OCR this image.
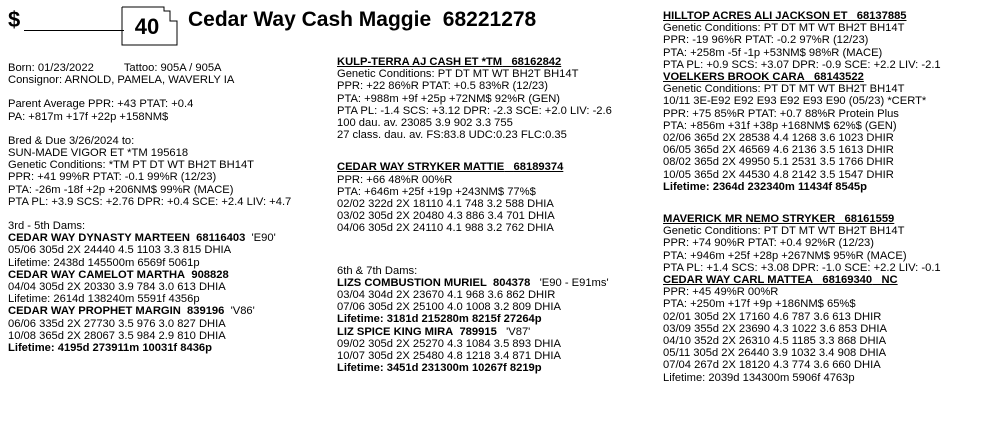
$	40	Cedar Way Cash Maggie 68221278
Born: 01/23/2022	Tattoo: 905A / 905A
Consignor: ARNOLD, PAMELA, WAVERLY IA
Parent Average PPR: +43 PTAT: +0.4
PA: +817m +17f +22p +158NM$
Bred & Due 3/26/2024 to:
SUN-MADE VIGOR ET *TM 195618
Genetic Conditions: *TM PT DT WT BH2T BH14T
PPR: +41 99%R PTAT: -0.1 99%R (12/23)
PTA: -26m -18f +2p +206NM$ 99%R (MACE)
PTA PL: +3.9 SCS: +2.76 DPR: +0.4 SCE: +2.4 LIV: +4.7
3rd - 5th Dams:
CEDAR WAY DYNASTY MARTEEN 68116403 'E90'
05/06 305d 2X 24440 4.5 1103 3.3 815 DHIA
Lifetime: 2438d 145500m 6569f 5061p
CEDAR WAY CAMELOT MARTHA 908828
04/04 305d 2X 20330 3.9 784 3.0 613 DHIA
Lifetime: 2614d 138240m 5591f 4356p
CEDAR WAY PROPHET MARGIN 839196 'V86'
06/06 335d 2X 27730 3.5 976 3.0 827 DHIA
10/08 365d 2X 28067 3.5 984 2.9 810 DHIA
Lifetime: 4195d 273911m 10031f 8436p
KULP-TERRA AJ CASH ET *TM 68162842
Genetic Conditions: PT DT MT WT BH2T BH14T
PPR: +22 86%R PTAT: +0.5 83%R (12/23)
PTA: +988m +9f +25p +72NM$ 92%R (GEN)
PTA PL: -1.4 SCS: +3.12 DPR: -2.3 SCE: +2.0 LIV: -2.6
100 dau. av. 23085 3.9 902 3.3 755
27 class. dau. av. FS:83.8 UDC:0.23 FLC:0.35
CEDAR WAY STRYKER MATTIE 68189374
PPR: +66 48%R 00%R
PTA: +646m +25f +19p +243NM$ 77%$
02/02 322d 2X 18110 4.1 748 3.2 588 DHIA
03/02 305d 2X 20480 4.3 886 3.4 701 DHIA
04/06 305d 2X 24110 4.1 988 3.2 762 DHIA
6th & 7th Dams:
LIZS COMBUSTION MURIEL 804378 'E90 - E91ms'
03/04 304d 2X 23670 4.1 968 3.6 862 DHIR
07/06 305d 2X 25100 4.0 1008 3.2 809 DHIA
Lifetime: 3181d 215280m 8215f 27264p
LIZ SPICE KING MIRA 789915 'V87'
09/02 305d 2X 25270 4.3 1084 3.5 893 DHIA
10/07 305d 2X 25480 4.8 1218 3.4 871 DHIA
Lifetime: 3451d 231300m 10267f 8219p
HILLTOP ACRES ALI JACKSON ET 68137885
Genetic Conditions: PT DT MT WT BH2T BH14T
PPR: -19 96%R PTAT: -0.2 97%R (12/23)
PTA: +258m -5f -1p +53NM$ 98%R (MACE)
PTA PL: +0.9 SCS: +3.07 DPR: -0.9 SCE: +2.2 LIV: -2.1
VOELKERS BROOK CARA 68143522
Genetic Conditions: PT DT MT WT BH2T BH14T
10/11 3E-E92 E92 E93 E92 E93 E90 (05/23) *CERT*
PPR: +75 85%R PTAT: +0.7 88%R Protein Plus
PTA: +856m +31f +38p +168NM$ 62%$ (GEN)
02/06 365d 2X 28538 4.4 1268 3.6 1023 DHIR
06/05 365d 2X 46569 4.6 2136 3.5 1613 DHIR
08/02 365d 2X 49950 5.1 2531 3.5 1766 DHIR
10/05 365d 2X 44530 4.8 2142 3.5 1547 DHIR
Lifetime: 2364d 232340m 11434f 8545p
MAVERICK MR NEMO STRYKER 68161559
Genetic Conditions: PT DT MT WT BH2T BH14T
PPR: +74 90%R PTAT: +0.4 92%R (12/23)
PTA: +946m +25f +28p +267NM$ 95%R (MACE)
PTA PL: +1.4 SCS: +3.08 DPR: -1.0 SCE: +2.2 LIV: -0.1
CEDAR WAY CARL MATTEA 68169340 NC
PPR: +45 49%R 00%R
PTA: +250m +17f +9p +186NM$ 65%$
02/01 305d 2X 17160 4.6 787 3.6 613 DHIR
03/09 355d 2X 23690 4.3 1022 3.6 853 DHIA
04/10 352d 2X 26310 4.5 1185 3.3 868 DHIA
05/11 305d 2X 26440 3.9 1032 3.4 908 DHIA
07/04 267d 2X 18120 4.3 774 3.6 660 DHIA
Lifetime: 2039d 134300m 5906f 4763p
